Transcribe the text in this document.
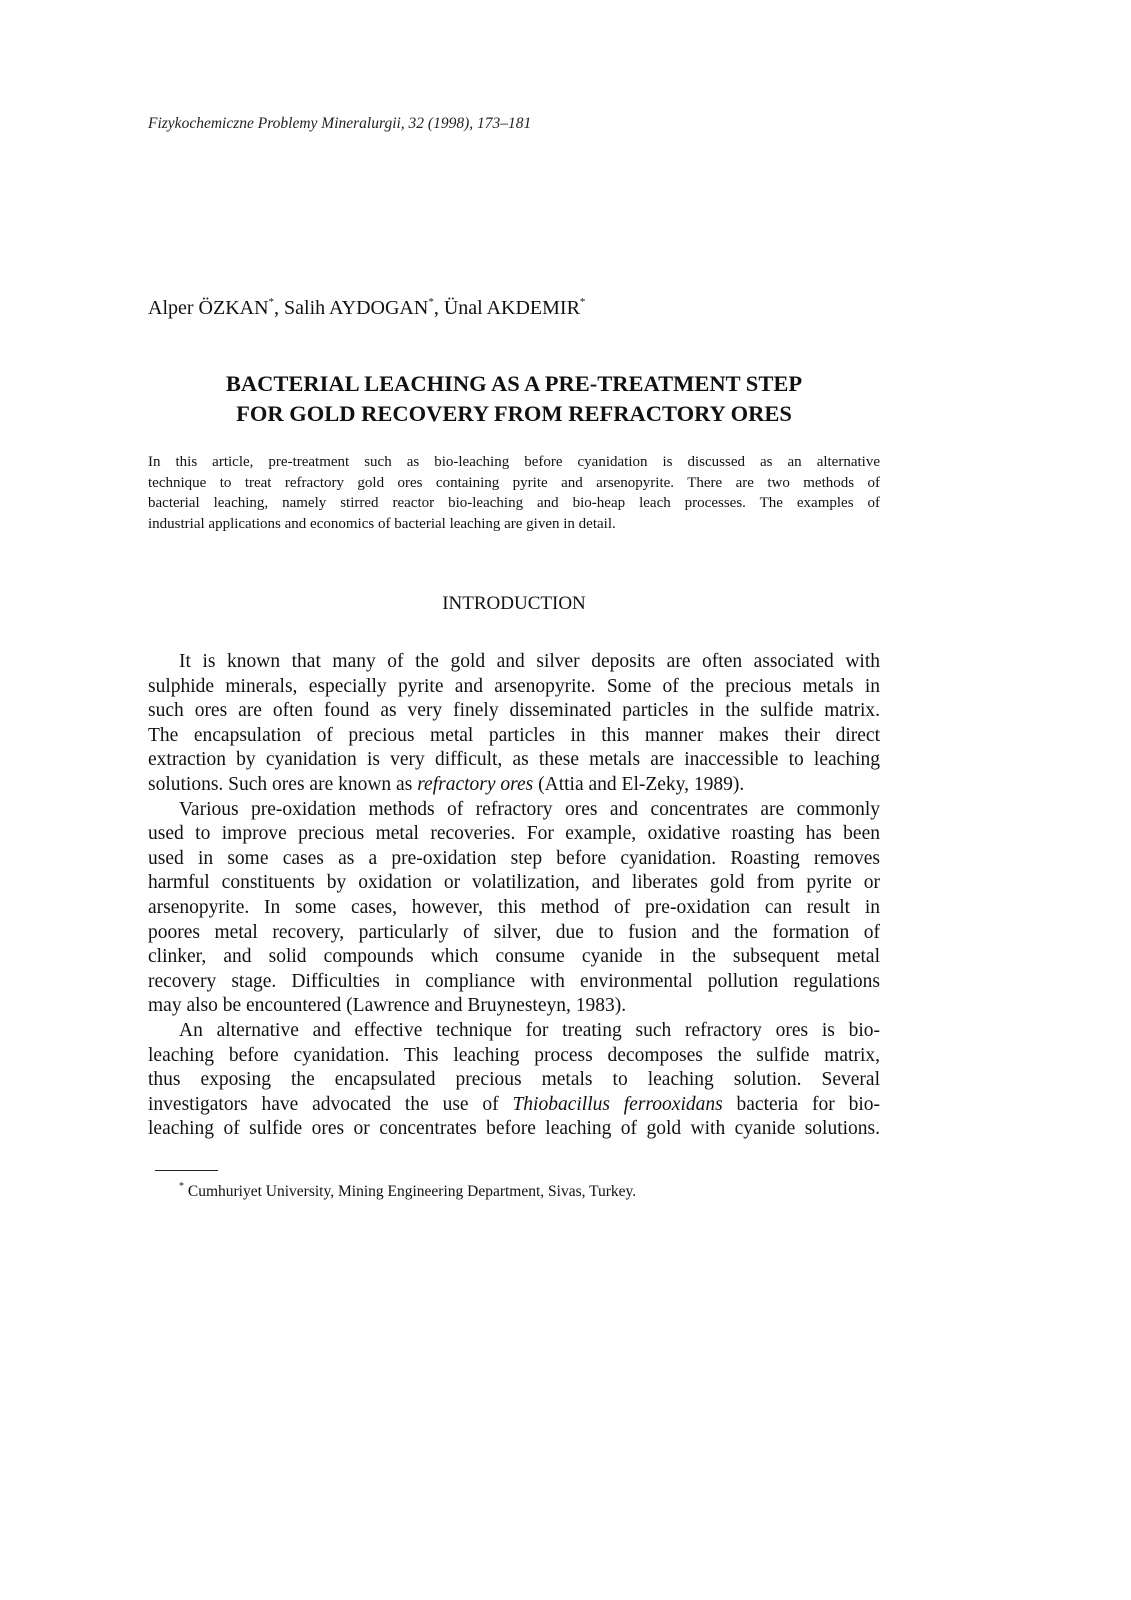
Fizykochemiczne Problemy Mineralurgii, 32 (1998), 173–181
Alper ÖZKAN*, Salih AYDOGAN*, Ünal AKDEMIR*
BACTERIAL LEACHING AS A PRE-TREATMENT STEP
FOR GOLD RECOVERY FROM REFRACTORY ORES
In this article, pre-treatment such as bio-leaching before cyanidation is discussed as an alternative
technique to treat refractory gold ores containing pyrite and arsenopyrite. There are two methods of
bacterial leaching, namely stirred reactor bio-leaching and bio-heap leach processes. The examples of
industrial applications and economics of bacterial leaching are given in detail.
INTRODUCTION
It is known that many of the gold and silver deposits are often associated with
sulphide minerals, especially pyrite and arsenopyrite. Some of the precious metals in
such ores are often found as very finely disseminated particles in the sulfide matrix.
The encapsulation of precious metal particles in this manner makes their direct
extraction by cyanidation is very difficult, as these metals are inaccessible to leaching
solutions. Such ores are known as refractory ores (Attia and El-Zeky, 1989).
Various pre-oxidation methods of refractory ores and concentrates are commonly
used to improve precious metal recoveries. For example, oxidative roasting has been
used in some cases as a pre-oxidation step before cyanidation. Roasting removes
harmful constituents by oxidation or volatilization, and liberates gold from pyrite or
arsenopyrite. In some cases, however, this method of pre-oxidation can result in
poores metal recovery, particularly of silver, due to fusion and the formation of
clinker, and solid compounds which consume cyanide in the subsequent metal
recovery stage. Difficulties in compliance with environmental pollution regulations
may also be encountered (Lawrence and Bruynesteyn, 1983).
An alternative and effective technique for treating such refractory ores is bio-
leaching before cyanidation. This leaching process decomposes the sulfide matrix,
thus exposing the encapsulated precious metals to leaching solution. Several
investigators have advocated the use of Thiobacillus ferrooxidans bacteria for bio-
leaching of sulfide ores or concentrates before leaching of gold with cyanide solutions.
* Cumhuriyet University, Mining Engineering Department, Sivas, Turkey.
